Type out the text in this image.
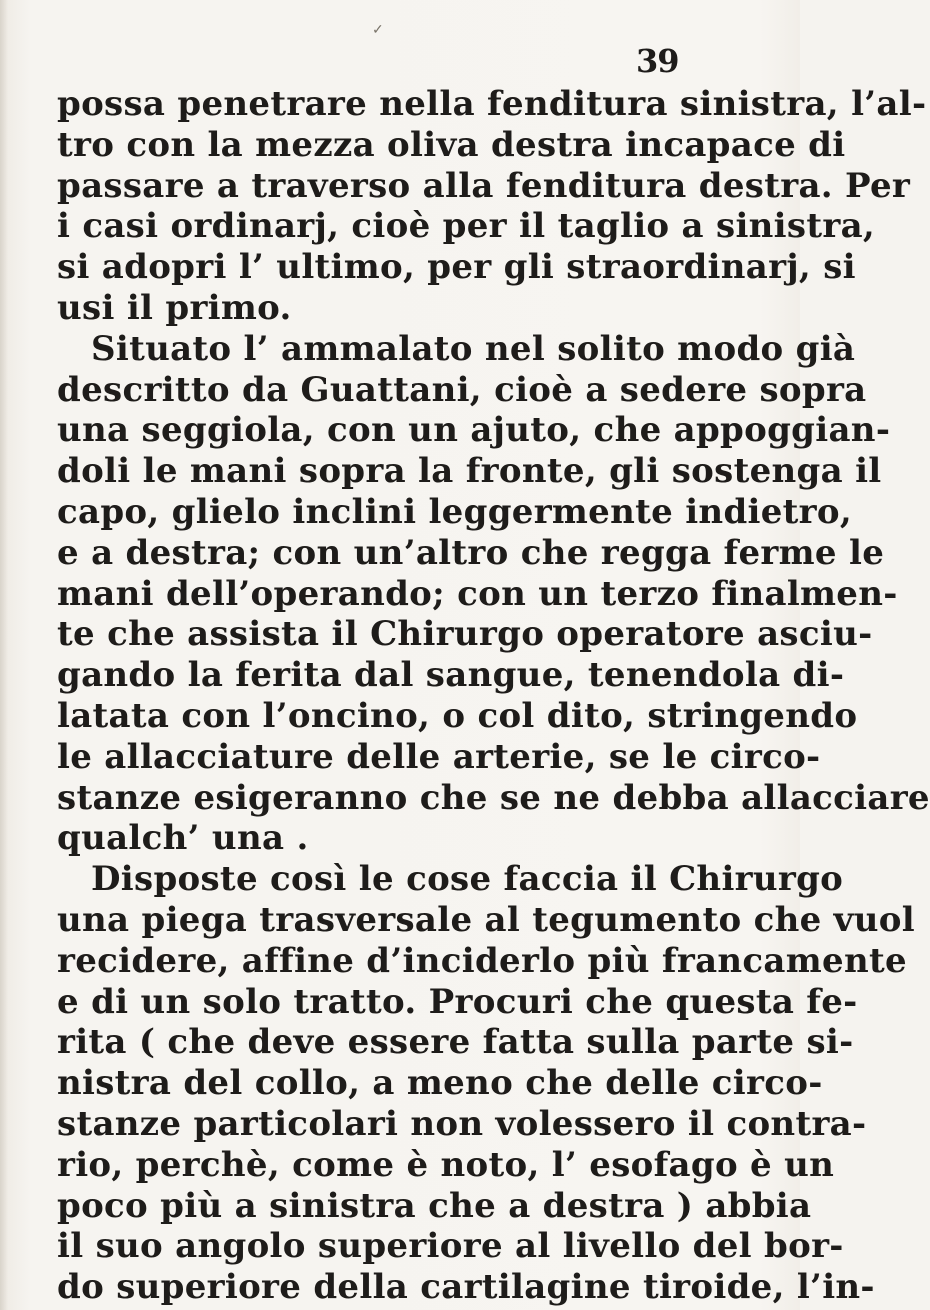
✓
39
possa penetrare nella fenditura sinistra, l’al-
tro con la mezza oliva destra incapace di
passare a traverso alla fenditura destra. Per
i casi ordinarj, cioè per il taglio a sinistra,
si adopri l’ ultimo, per gli straordinarj, si
usi il primo.
Situato l’ ammalato nel solito modo già
descritto da Guattani, cioè a sedere sopra
una seggiola, con un ajuto, che appoggian-
doli le mani sopra la fronte, gli sostenga il
capo, glielo inclini leggermente indietro,
e a destra; con un’altro che regga ferme le
mani dell’operando; con un terzo finalmen-
te che assista il Chirurgo operatore asciu-
gando la ferita dal sangue, tenendola di-
latata con l’oncino, o col dito, stringendo
le allacciature delle arterie, se le circo-
stanze esigeranno che se ne debba allacciare
qualch’ una .
Disposte così le cose faccia il Chirurgo
una piega trasversale al tegumento che vuol
recidere, affine d’inciderlo più francamente
e di un solo tratto. Procuri che questa fe-
rita ( che deve essere fatta sulla parte si-
nistra del collo, a meno che delle circo-
stanze particolari non volessero il contra-
rio, perchè, come è noto, l’ esofago è un
poco più a sinistra che a destra ) abbia
il suo angolo superiore al livello del bor-
do superiore della cartilagine tiroide, l’in-
